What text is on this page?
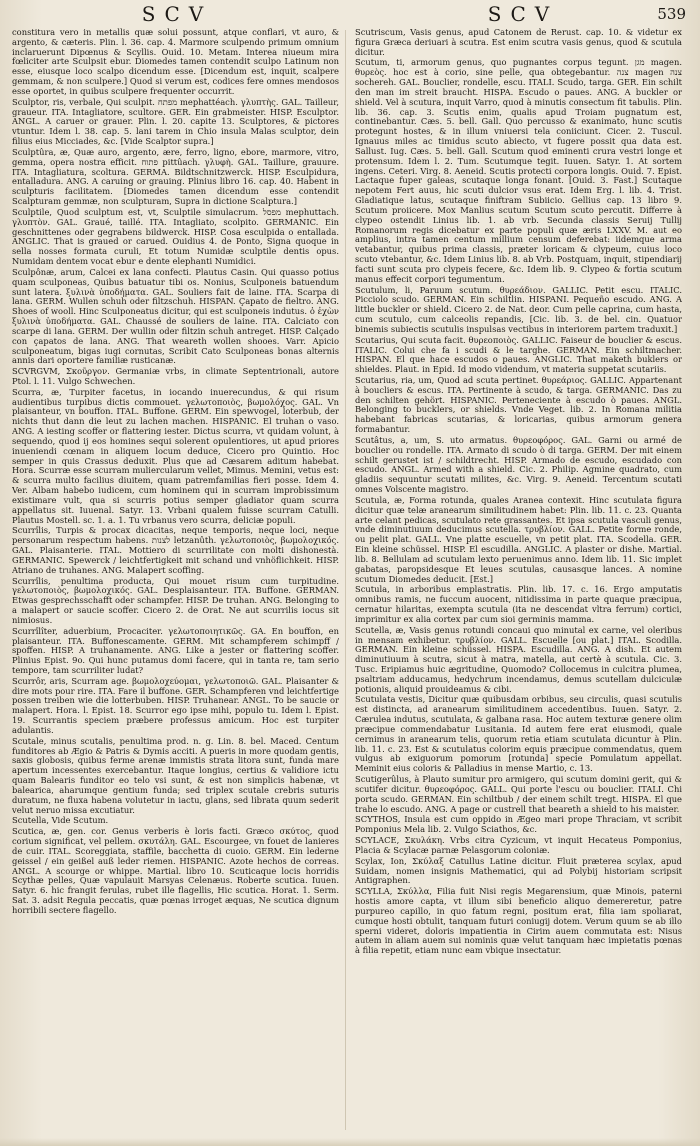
SCV	SCV	539

constitura vero in metallis quæ solui possunt, atque conflari, vt auro, & argento, & cæteris. Plin. l. 36. cap. 4. Marmore sculpendo primum omnium inclaruerunt Dipœnus & Scyllis. Ouid. 10. Metam. Interea niueum mira fœliciter arte Sculpsit ebur. Diomedes tamen contendit sculpo Latinum non esse, eiusque loco scalpo dicendum esse. [Dicendum est, inquit, scalpere gemmam, & non sculpere.] Quod si verum est, codices fere omnes mendosos esse oportet, in quibus sculpere frequenter occurrit.

Sculptor, ris, verbale, Qui sculpit. מפתח mephattéach. γλυπτὴς. GAL. Tailleur, graueur. ITA. Intagliatore, scultore. GER. Ein grabmeister. HISP. Esculptor. ANGL. A caruer or grauer. Plin. l. 20. capite 13. Sculptores, & pictores vtuntur. Idem l. 38. cap. 5. lani tarem in Chio insula Malas sculptor, dein filius eius Micciades, &c. [Vide Scalptor supra.]

Sculptûra, æ, Quæ auro, argento, ære, ferro, ligno, ebore, marmore, vitro, gemma, opera nostra efficit. פתוח pittûach. γλυφὴ. GAL. Taillure, grauure. ITA. Intagliatura, scoltura. GERMA. Bildtschnitzwerck. HISP. Esculpidura, entalladura. ANG. A caruing or grauing. Plinius libro 16. cap. 40. Habent in sculpturis facilitatem. [Diomedes tamen dicendum esse contendit Scalpturam gemmæ, non sculpturam, Supra in dictione Scalptura.]

Sculptile, Quod sculptum est, vt, Sculptile simulacrum. מפסל mephuttach. γλυπτὸν. GAL. Graué, taillé. ITA. Intagliato, scolpito. GERMANIC. Ein geschnittenes oder gegrabens bildwerck. HISP. Cosa esculpida o entallada. ANGLIC. That is graued or carued. Ouidius 4. de Ponto, Signa quoque in sella nosses formata curuli, Et totum Numidæ sculptile dentis opus. Numidam dentem vocat ebur e dente elephanti Numidici.

Sculpônæ, arum, Calcei ex lana confecti. Plautus Casin. Qui quasso potius quam sculponeas, Quibus batuatur tibi os. Nonius, Sculponeis batuendum sunt latera. ξυλινὰ ὑποδήματα. GAL. Souliers fait de laine. ITA. Scarpa di lana. GERM. Wullen schuh oder filtzschuh. HISPAN. Çapato de fieltro. ANG. Shoes of wooll. Hinc Sculponeatus dicitur, qui est sculponeis indutus. ὁ ἐχὼν ξυλινὰ ὑποδήματα. GAL. Chaussé de souliers de laine. ITA. Calciato con scarpe di lana. GERM. Der wullin oder filtzin schuh antreget. HISP. Calçado con çapatos de lana. ANG. That weareth wollen shooes. Varr. Apicio sculponeatum, bigas iugi cornutas, Scribit Cato Sculponeas bonas alternis annis dari oportere familiæ rusticanæ.

SCVRGVM, Σκοῦργον. Germaniæ vrbs, in climate Septentrionali, autore Ptol. l. 11. Vulgo Schwechen.

Scurra, æ, Turpiter facetus, in iocando inuerecundus, & qui risum audientibus turpibus dictis commouet. γελωτοποιὸς, βωμολόχος. GAL. Vn plaisanteur, vn bouffon. ITAL. Buffone. GERM. Ein spewvogel, loterbub, der nichts thut dann die leut zu lachen machen. HISPANIC. El truhan o vaso. ANG. A iesting scoffer or flattering iester. Dictus scurra, vt quidam volunt, à sequendo, quod ij eos homines sequi solerent opulentiores, ut apud priores inueniendi cœnam in aliquem locum deduce, Cicero pro Quintio. Hoc semper in quis Crassus deduxit. Plus que ad Cæsarem aditum habebat. Hora. Scurræ esse scurram muliercularum vellet, Mimus. Memini, vetus est: & scurra multo facilius diuitem, quam patremfamilias fieri posse. Idem 4. Ver. Albam habebo iudicem, cum hominem qui in scurram improbissimum existimare vult, qua si scurris potius semper gladiator quam scurra appellatus sit. Iuuenal. Satyr. 13. Vrbani qualem fuisse scurram Catulli. Plautus Mostell. sc. 1. a. 1. Tu vrbanus vero scurra, deliciæ populi.

Scurrîlis, Turpis & procax dicacitas, neque temporis, neque loci, neque personarum respectum habens. לצנות letzanûth. γελωτοποιὸς, βωμολοχικός. GAL. Plaisanterie. ITAL. Mottiero di scurrilitate con molti dishonestà. GERMANIC. Spewerck / leichtfertigkeit mit schand und vnhöflichkeit. HISP. Atriano de truhanes. ANG. Malapert scoffing.

Scurrîlis, penultima producta, Qui mouet risum cum turpitudine. γελωτοποιὸς, βωμολοχικός. GAL. Desplaisanteur. ITA. Buffone. GERMAN. Etwas gesprechsschafft oder schampfer. HISP. De truhan. ANG. Belonging to a malapert or saucie scoffer. Cicero 2. de Orat. Ne aut scurrilis iocus sit nimiosus.

Scurrîlîter, aduerbium, Procaciter. γελωτοποιητικῶς. GA. En bouffon, en plaisanteur. ITA. Buffonescamente. GERM. Mit schampferem schimpff / spoffen. HISP. A truhanamente. ANG. Like a jester or flattering scoffer. Plinius Epist. 9o. Qui hunc putamus domi facere, qui in tanta re, tam serio tempore, tam scurriliter ludat?

Scurrôr, aris, Scurram age. βωμολοχεύομαι, γελωτοποιῶ. GAL. Plaisanter & dire mots pour rire. ITA. Fare il buffone. GER. Schampferen vnd leichtfertige possen treiben wie die lotterbuben. HISP. Truhanear. ANGL. To be saucie or malapert. Hora. l. Epist. 18. Scurror ego ipse mihi, populo tu. Idem l. Epist. 19. Scurrantis speciem præbere professus amicum. Hoc est turpiter adulantis.

Scutale, minus scutalis, penultima prod. n. g. Lin. 8. bel. Maced. Centum funditores ab Ægio & Patris & Dymis acciti. A pueris in more quodam gentis, saxis globosis, quibus ferme arenæ immistis strata litora sunt, funda mare apertum incessentes exercebantur. Itaque longius, certius & validiore ictu quam Balearis funditor eo telo vsi sunt, & est non simplicis habenæ, vt balearica, aharumque gentium funda; sed triplex scutale crebris suturis duratum, ne fluxa habena volutetur in iactu, glans, sed librata quum sederit velut neruo missa excutiatur.

Scutella, Vide Scutum.

Scutica, æ, gen. cor. Genus verberis è loris facti. Græco σκύτος, quod corium significat, vel pellem. σκυτάλη. GAL. Escourgee, vn fouet de lanieres de cuir. ITAL. Scoreggiata, staffile, bacchetta di cuoio. GERM. Ein lederne geissel / ein geißel auß leder riemen. HISPANIC. Azote hechos de correas. ANGL. A scourge or whippe. Martial. libro 10. Scuticaque locis horridis Scythæ pelles, Quæ vapulauit Marsyas Celenæus. Roberte scutica. Iuuen. Satyr. 6. hic frangit ferulas, rubet ille flagellis, Hic scutica. Horat. 1. Serm. Sat. 3. adsit Regula peccatis, quæ pœnas irroget æquas, Ne scutica dignum horribili sectere flagello.

Scutriscum, Vasis genus, apud Catonem de Rerust. cap. 10. & videtur ex figura Græca deriuari à scutra. Est enim scutra vasis genus, quod & scutula dicitur.

Scutum, ti, armorum genus, quo pugnantes corpus tegunt. מגן magen. θυρεὸς. hoc est à corio, sine pelle, qua obtegebantur. צנה magen צנה sochereh. GAL. Bouclier, rondelle, escu. ITALI. Scudo, targa. GER. Ein schilt den man im streit braucht. HISPA. Escudo o paues. ANG. A buckler or shield. Vel à scutura, inquit Varro, quod à minutis consectum fit tabulis. Plin. lib. 36. cap. 3. Scutis enim, qualis apud Troiam pugnatum est, continebantur. Cæs. 5. bell. Gall. Quo percusso & exanimato, hunc scutis protegunt hostes, & in illum vniuersi tela coniiciunt. Cicer. 2. Tuscul. Ignauus miles ac timidus scuto abiecto, vt fugere possit qua data est. Sallust. Iug. Cæs. 5. bell. Gall. Scutum quod eminenti crura vestri longe et protensum. Idem l. 2. Tum. Scutumque tegit. Iuuen. Satyr. 1. At sortem ingens. Ceteri. Virg. 8. Aeneid. Scutis protecti corpora longis. Ouid. 7. Epist. Lactaque fuper galeas, scutaque longa fonant. [Ouid. 3. Fast.] Scutaque nepotem Fert auus, hic scuti dulcior vsus erat. Idem Erg. l. lib. 4. Trist. Gladiatique latus, scutaque finiftram Subiicio. Gellius cap. 13 libro 9. Scutum proiicere. Mox Manlius scutum Scutum scuto percutit. Differre à clypeo ostendit Linius lib. 1. ab vrb. Secunda classis Seruij Tullij Romanorum regis dicebatur ex parte populi quæ æris LXXV. M. aut eo amplius, intra tamen centum millium censum deferebat: iidemque arma vetabantur, quibus prima classis, præter loricam & clypeum, cuius loco scuto vtebantur, &c. Idem Linius lib. 8. ab Vrb. Postquam, inquit, stipendiarij facti sunt scuta pro clypeis fecere, &c. Idem lib. 9. Clypeo & fortia scutum manus effecit corpori tegumentum.

Scutulum, li, Paruum scutum. θυρεάδιον. GALLIC. Petit escu. ITALIC. Picciolo scudo. GERMAN. Ein schiltlin. HISPANI. Pequeño escudo. ANG. A little buckler or shield. Cicero 2. de Nat. deor. Cum pelle caprina, cum hasta, cum scutulo, cum calceolis repandis, [Cic. lib. 3. de bel. cin. Quatuor binemis subiectis scutulis inspulsas vectibus in interiorem partem traduxit.]

Scutarius, Qui scuta facit. θυρεοποιὸς. GALLIC. Faiseur de bouclier & escus. ITALIC. Colui che fa i scudi & le targhe. GERMAN. Ein schiltmacher. HISPAN. El que hace escudos o paues. ANGLIC. That maketh buklers or shieldes. Plaut. in Epid. Id modo videndum, vt materia suppetat scutariis.

Scutarius, ria, um, Quod ad scuta pertinet. θυρεάριος. GALLIC. Appartenant à boucliers & escus. ITA. Pertinente à scudo, & targa. GERMANIC. Das zu den schilten gehört. HISPANIC. Perteneciente à escudo ò paues. ANGL. Belonging to bucklers, or shields. Vnde Veget. lib. 2. In Romana militia habebant fabricas scutarias, & loricarias, quibus armorum genera formabantur.

Scutâtus, a, um, S. uto armatus. θυρεοφόρος. GAL. Garni ou armé de bouclier ou rondelle. ITA. Armato di scudo ò di targa. GERM. Der mit einem schilt gerustet ist / schildtrecht. HISP. Armado de escudo, escudado con escudo. ANGL. Armed with a shield. Cic. 2. Philip. Agmine quadrato, cum gladiis sequuntur scutati milites, &c. Virg. 9. Aeneid. Tercentum scutati omnes Volscente magistro.

Scutula, æ, Forma rotunda, quales Aranea contexit. Hinc scutulata figura dicitur quæ telæ aranearum similitudinem habet: Plin. lib. 11. c. 23. Quanta arte celant pedicas, scutulato rete grassantes. Et ipsa scutula vasculi genus, vnde diminutiuum deducimus scutella. τρυβλίον. GALL. Petite forme ronde, ou pelit plat. GALL. Vne platte escuelle, vn petit plat. ITA. Scodella. GER. Ein kleine schüssel. HISP. El escudilla. ANGLIC. A plaster or dishe. Martial. lib. 8. Bellulam ad scutulam lexto peruenimus anno. Idem lib. 11. Sic implet gabatas, paropsidesque Et leues scutulas, causasque lances. A nomine scutum Diomedes deducit. [Est.]

Scutula, in arboribus emplastratis. Plin. lib. 17. c. 16. Ergo amputatis omnibus ramis, ne fuccum auocent, nitidissima in parte quaque præcipua, cernatur hilaritas, exempta scutula (ita ne descendat vltra ferrum) cortici, imprimitur ex alia cortex par cum sioi germinis mamma.

Scutella, æ, Vasis genus rotundi concaui quo minutal ex carne, vel oleribus in mensam exhibetur. τρυβλίον. GALL. Escuelle [ou plat.] ITAL. Scodilla. GERMAN. Ein kleine schüssel. HISPA. Escudilla. ANG. A dish. Et autem diminutiuum à scutra, sicut à matra, matella, aut certè à scutula. Cic. 3. Tusc. Eripiamus huic ægritudine, Quomodo? Collocemus in culcitra plumea, psaltriam adducamus, hedychrum incendamus, demus scutellam dulciculæ potionis, aliquid prouideamus & cibi.

Scutulata vestis, Dicitur quæ quibusdam orbibus, seu circulis, quasi scutulis est distincta, ad aranearum similitudinem accedentibus. Iuuen. Satyr. 2. Cærulea indutus, scutulata, & galbana rasa. Hoc autem texturæ genere olim præcipue commendabatur Lusitania. Id autem fere erat eiusmodi, quale cernimus in aranearum telis, quorum retia etiam scutulata dicuntur à Plin. lib. 11. c. 23. Est & scutulatus colorim equis præcipue commendatus, quem vulgus ab exiguorum pomorum [rotunda] specie Pomulatum appellat. Meminit eius coloris & Palladius in mense Martio, c. 13.

Scutigerûlus, à Plauto sumitur pro armigero, qui scutum domini gerit, qui & scutifer dicitur. θυρεοφόρος. GALL. Qui porte l'escu ou bouclier. ITALI. Chi porta scudo. GERMAN. Ein schiltbub / der einem schilt tregt. HISPA. El que trahe lo escudo. ANG. A page or custrell that beareth a shield to his maister.

SCYTHOS, Insula est cum oppido in Ægeo mari prope Thraciam, vt scribit Pomponius Mela lib. 2. Vulgo Sciathos, &c.

SCYLACE, Σκυλάκη. Vrbs citra Cyzicum, vt inquit Hecateus Pomponius, Placia & Scylacæ parnæ Pelasgorum coloniæ.

Scylax, Ion, Σκύλαξ Catullus Latine dicitur. Fluit præterea scylax, apud Suidam, nomen insignis Mathematici, qui ad Polybij historiam scripsit Antigraphen.

SCYLLA, Σκύλλα, Filia fuit Nisi regis Megarensium, quæ Minois, paterni hostis amore capta, vt illum sibi beneficio aliquo demereretur, patre purpureo capillo, in quo fatum regni, positum erat, filia iam spoliarat, cumque hosti obtulit, tanquam futuri coniugij dotem. Verum quum se ab illo sperni videret, doloris impatientia in Cirim auem commutata est: Nisus autem in aliam auem sui nominis quæ velut tanquam hæc impietatis pœnas à filia repetit, etiam nunc eam vbique insectatur.
